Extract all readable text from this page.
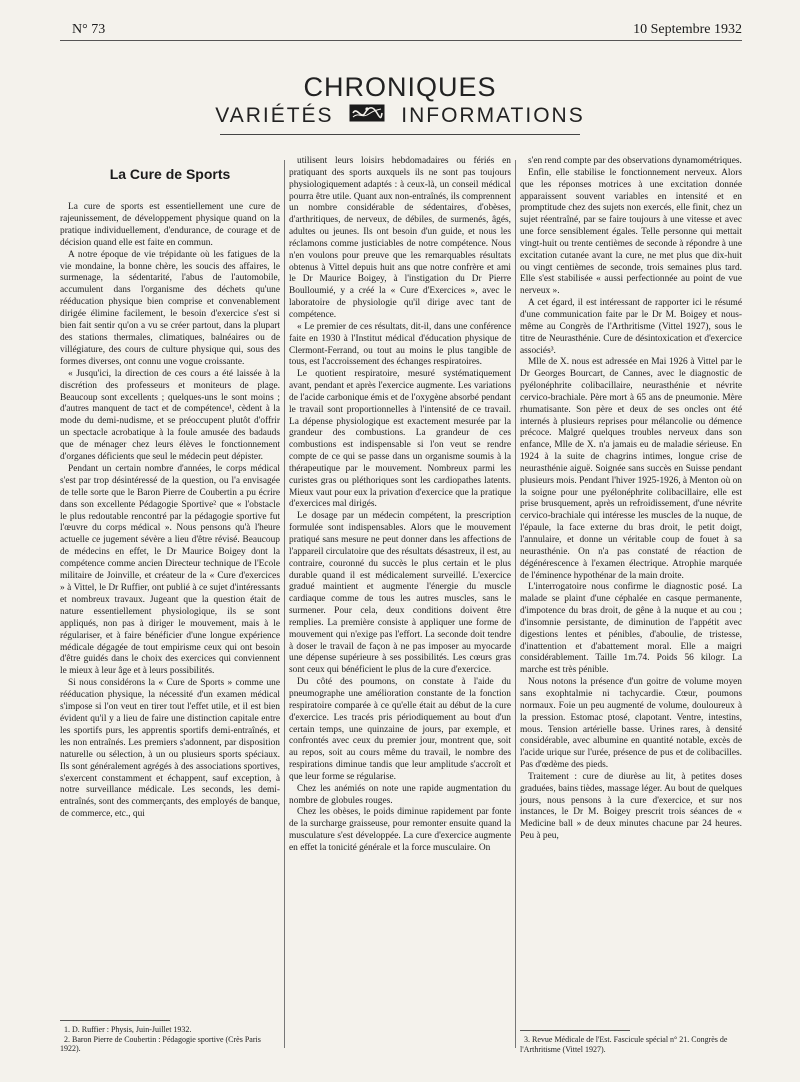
N° 73	10 Septembre 1932
CHRONIQUES
VARIÉTÉS	INFORMATIONS
La Cure de Sports

La cure de sports est essentiellement une cure de rajeunissement, de développement physique quand on la pratique individuellement, d'endurance, de courage et de décision quand elle est faite en commun.

A notre époque de vie trépidante où les fatigues de la vie mondaine, la bonne chère, les soucis des affaires, le surmenage, la sédentarité, l'abus de l'automobile, accumulent dans l'organisme des déchets qu'une rééducation physique bien comprise et convenablement dirigée élimine facilement, le besoin d'exercice s'est si bien fait sentir qu'on a vu se créer partout, dans la plupart des stations thermales, climatiques, balnéaires ou de villégiature, des cours de culture physique qui, sous des formes diverses, ont connu une vogue croissante.

« Jusqu'ici, la direction de ces cours a été laissée à la discrétion des professeurs et moniteurs de plage. Beaucoup sont excellents ; quelques-uns le sont moins ; d'autres manquent de tact et de compétence¹, cèdent à la mode du demi-nudisme, et se préoccupent plutôt d'offrir un spectacle acrobatique à la foule amusée des badauds que de ménager chez leurs élèves le fonctionnement d'organes déficients que seul le médecin peut dépister.

Pendant un certain nombre d'années, le corps médical s'est par trop désintéressé de la question, ou l'a envisagée de telle sorte que le Baron Pierre de Coubertin a pu écrire dans son excellente Pédagogie Sportive² que « l'obstacle le plus redoutable rencontré par la pédagogie sportive fut l'œuvre du corps médical ». Nous pensons qu'à l'heure actuelle ce jugement sévère a lieu d'être révisé. Beaucoup de médecins en effet, le Dr Maurice Boigey dont la compétence comme ancien Directeur technique de l'Ecole militaire de Joinville, et créateur de la « Cure d'exercices » à Vittel, le Dr Ruffier, ont publié à ce sujet d'intéressants et nombreux travaux. Jugeant que la question était de nature essentiellement physiologique, ils se sont appliqués, non pas à diriger le mouvement, mais à le régulariser, et à faire bénéficier d'une longue expérience médicale dégagée de tout empirisme ceux qui ont besoin d'être guidés dans le choix des exercices qui conviennent le mieux à leur âge et à leurs possibilités.

Si nous considérons la « Cure de Sports » comme une rééducation physique, la nécessité d'un examen médical s'impose si l'on veut en tirer tout l'effet utile, et il est bien évident qu'il y a lieu de faire une distinction capitale entre les sportifs purs, les apprentis sportifs demi-entraînés, et les non entraînés. Les premiers s'adonnent, par disposition naturelle ou sélection, à un ou plusieurs sports spéciaux. Ils sont généralement agrégés à des associations sportives, s'exercent constamment et échappent, sauf exception, à notre surveillance médicale. Les seconds, les demi-entraînés, sont des commerçants, des employés de banque, de commerce, etc., qui

utilisent leurs loisirs hebdomadaires ou fériés en pratiquant des sports auxquels ils ne sont pas toujours physiologiquement adaptés : à ceux-là, un conseil médical pourra être utile. Quant aux non-entraînés, ils comprennent un nombre considérable de sédentaires, d'obèses, d'arthritiques, de nerveux, de débiles, de surmenés, âgés, adultes ou jeunes. Ils ont besoin d'un guide, et nous les réclamons comme justiciables de notre compétence. Nous n'en voulons pour preuve que les remarquables résultats obtenus à Vittel depuis huit ans que notre confrère et ami le Dr Maurice Boigey, à l'instigation du Dr Pierre Boulloumié, y a créé la « Cure d'Exercices », avec le laboratoire de physiologie qu'il dirige avec tant de compétence.

« Le premier de ces résultats, dit-il, dans une conférence faite en 1930 à l'Institut médical d'éducation physique de Clermont-Ferrand, ou tout au moins le plus tangible de tous, est l'accroissement des échanges respiratoires.

Le quotient respiratoire, mesuré systématiquement avant, pendant et après l'exercice augmente. Les variations de l'acide carbonique émis et de l'oxygène absorbé pendant le travail sont proportionnelles à l'intensité de ce travail. La dépense physiologique est exactement mesurée par la grandeur des combustions. La grandeur de ces combustions est indispensable si l'on veut se rendre compte de ce qui se passe dans un organisme soumis à la thérapeutique par le mouvement. Nombreux parmi les curistes gras ou pléthoriques sont les cardiopathes latents. Mieux vaut pour eux la privation d'exercice que la pratique d'exercices mal dirigés.

Le dosage par un médecin compétent, la prescription formulée sont indispensables. Alors que le mouvement pratiqué sans mesure ne peut donner dans les affections de l'appareil circulatoire que des résultats désastreux, il est, au contraire, couronné du succès le plus certain et le plus durable quand il est médicalement surveillé. L'exercice gradué maintient et augmente l'énergie du muscle cardiaque comme de tous les autres muscles, sans le surmener. Pour cela, deux conditions doivent être remplies. La première consiste à appliquer une forme de mouvement qui n'exige pas l'effort. La seconde doit tendre à doser le travail de façon à ne pas imposer au myocarde une dépense supérieure à ses possibilités. Les cœurs gras sont ceux qui bénéficient le plus de la cure d'exercice.

Du côté des poumons, on constate à l'aide du pneumographe une amélioration constante de la fonction respiratoire comparée à ce qu'elle était au début de la cure d'exercice. Les tracés pris périodiquement au bout d'un certain temps, une quinzaine de jours, par exemple, et confrontés avec ceux du premier jour, montrent que, soit au repos, soit au cours même du travail, le nombre des respirations diminue tandis que leur amplitude s'accroît et que leur forme se régularise.

Chez les anémiés on note une rapide augmentation du nombre de globules rouges.

Chez les obèses, le poids diminue rapidement par fonte de la surcharge graisseuse, pour remonter ensuite quand la musculature s'est développée. La cure d'exercice augmente en effet la tonicité générale et la force musculaire. On

s'en rend compte par des observations dynamométriques.

Enfin, elle stabilise le fonctionnement nerveux. Alors que les réponses motrices à une excitation donnée apparaissent souvent variables en intensité et en promptitude chez des sujets non exercés, elle finit, chez un sujet réentraîné, par se faire toujours à une vitesse et avec une force sensiblement égales. Telle personne qui mettait vingt-huit ou trente centièmes de seconde à répondre à une excitation cutanée avant la cure, ne met plus que dix-huit ou vingt centièmes de seconde, trois semaines plus tard. Elle s'est stabilisée « aussi perfectionnée au point de vue nerveux ».

A cet égard, il est intéressant de rapporter ici le résumé d'une communication faite par le Dr M. Boigey et nous-même au Congrès de l'Arthritisme (Vittel 1927), sous le titre de Neurasthénie. Cure de désintoxication et d'exercice associés³.

Mlle de X. nous est adressée en Mai 1926 à Vittel par le Dr Georges Bourcart, de Cannes, avec le diagnostic de pyélonéphrite colibacillaire, neurasthénie et névrite cervico-brachiale. Père mort à 65 ans de pneumonie. Mère rhumatisante. Son père et deux de ses oncles ont été internés à plusieurs reprises pour mélancolie ou démence précoce. Malgré quelques troubles nerveux dans son enfance, Mlle de X. n'a jamais eu de maladie sérieuse. En 1924 à la suite de chagrins intimes, longue crise de neurasthénie aiguë. Soignée sans succès en Suisse pendant plusieurs mois. Pendant l'hiver 1925-1926, à Menton où on la soigne pour une pyélonéphrite colibacillaire, elle est prise brusquement, après un refroidissement, d'une névrite cervico-brachiale qui intéresse les muscles de la nuque, de l'épaule, la face externe du bras droit, le petit doigt, l'annulaire, et donne un véritable coup de fouet à sa neurasthénie. On n'a pas constaté de réaction de dégénérescence à l'examen électrique. Atrophie marquée de l'éminence hypothénar de la main droite.

L'interrogatoire nous confirme le diagnostic posé. La malade se plaint d'une céphalée en casque permanente, d'impotence du bras droit, de gêne à la nuque et au cou ; d'insomnie persistante, de diminution de l'appétit avec digestions lentes et pénibles, d'aboulie, de tristesse, d'inattention et d'abattement moral. Elle a maigri considérablement. Taille 1m.74. Poids 56 kilogr. La marche est très pénible.

Nous notons la présence d'un goitre de volume moyen sans exophtalmie ni tachycardie. Cœur, poumons normaux. Foie un peu augmenté de volume, douloureux à la pression. Estomac ptosé, clapotant. Ventre, intestins, mous. Tension artérielle basse. Urines rares, à densité considérable, avec albumine en quantité notable, excès de l'acide urique sur l'urée, présence de pus et de colibacilles. Pas d'œdème des pieds.

Traitement : cure de diurèse au lit, à petites doses graduées, bains tièdes, massage léger. Au bout de quelques jours, nous pensons à la cure d'exercice, et sur nos instances, le Dr M. Boigey prescrit trois séances de « Medicine ball » de deux minutes chacune par 24 heures. Peu à peu,

1. D. Ruffier : Physis, Juin-Juillet 1932.

2. Baron Pierre de Coubertin : Pédagogie sportive (Crès Paris 1922).

3. Revue Médicale de l'Est. Fascicule spécial n° 21. Congrès de l'Arthritisme (Vittel 1927).
